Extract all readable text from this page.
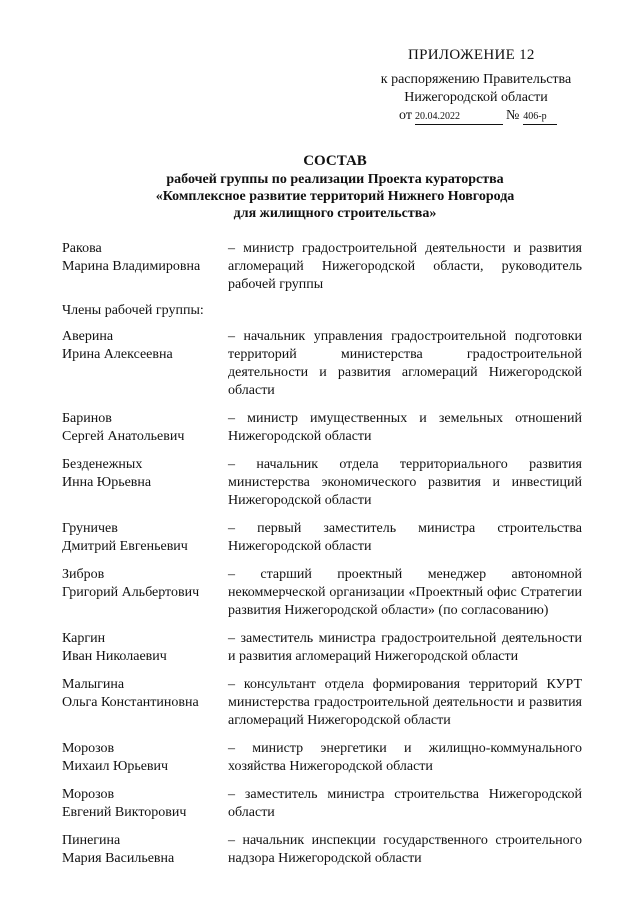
ПРИЛОЖЕНИЕ 12
к распоряжению Правительства
Нижегородской области
от 20.04.2022	№ 406-р
СОСТАВ
рабочей группы по реализации Проекта кураторства
«Комплексное развитие территорий Нижнего Новгорода
для жилищного строительства»
Ракова
Марина Владимировна
– министр градостроительной деятельности и развития агломераций Нижегородской области, руководитель рабочей группы
Члены рабочей группы:
Аверина
Ирина Алексеевна
– начальник управления градостроительной подготовки территорий министерства градостроительной деятельности и развития агломераций Нижегородской области
Баринов
Сергей Анатольевич
– министр имущественных и земельных отношений Нижегородской области
Безденежных
Инна Юрьевна
– начальник отдела территориального развития министерства экономического развития и инвестиций Нижегородской области
Груничев
Дмитрий Евгеньевич
– первый заместитель министра строительства Нижегородской области
Зибров
Григорий Альбертович
– старший проектный менеджер автономной некоммерческой организации «Проектный офис Стратегии развития Нижегородской области» (по согласованию)
Каргин
Иван Николаевич
– заместитель министра градостроительной деятельности и развития агломераций Нижегородской области
Малыгина
Ольга Константиновна
– консультант отдела формирования территорий КУРТ министерства градостроительной деятельности и развития агломераций Нижегородской области
Морозов
Михаил Юрьевич
– министр энергетики и жилищно-коммунального хозяйства Нижегородской области
Морозов
Евгений Викторович
– заместитель министра строительства Нижегородской области
Пинегина
Мария Васильевна
– начальник инспекции государственного строительного надзора Нижегородской области
